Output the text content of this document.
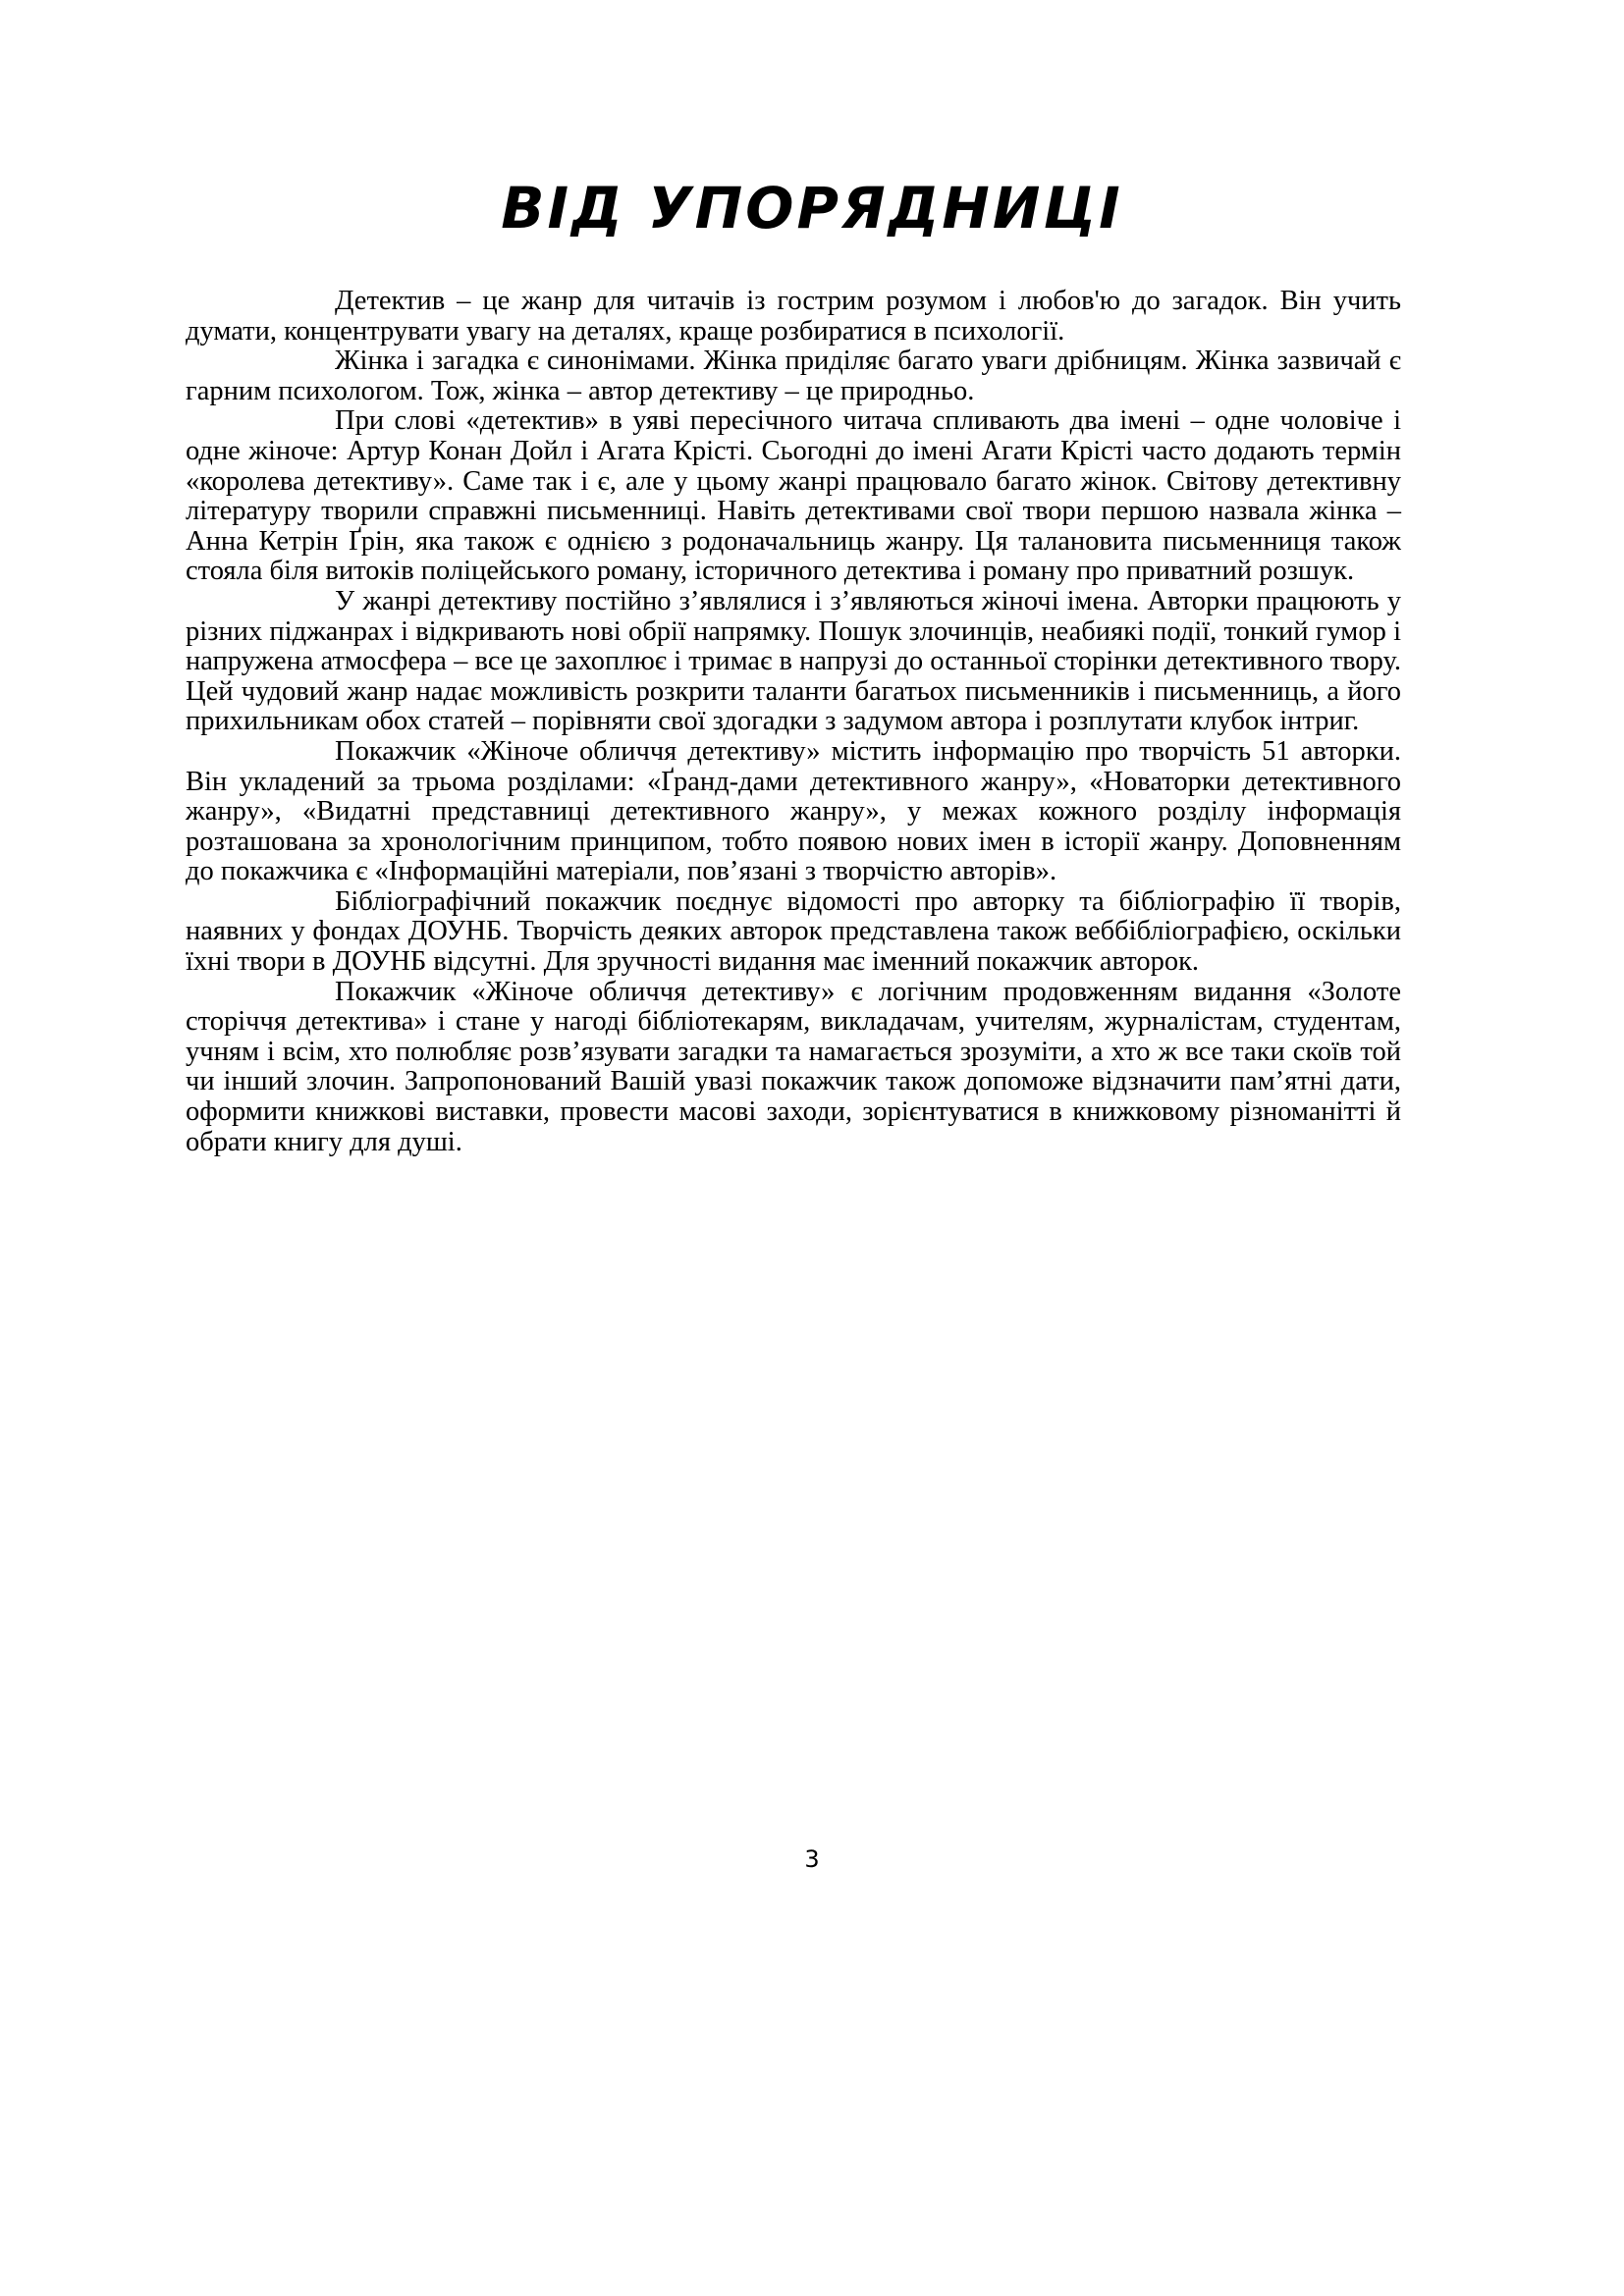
ВІД УПОРЯДНИЦІ

Детектив – це жанр для читачів із гострим розумом і любов'ю до загадок. Він учить думати, концентрувати увагу на деталях, краще розбиратися в психології.

Жінка і загадка є синонімами. Жінка приділяє багато уваги дрібницям. Жінка зазвичай є гарним психологом. Тож, жінка – автор детективу – це природньо.

При слові «детектив» в уяві пересічного читача спливають два імені – одне чоловіче і одне жіноче: Артур Конан Дойл і Агата Крісті. Сьогодні до імені Агати Крісті часто додають термін «королева детективу». Саме так і є, але у цьому жанрі працювало багато жінок. Світову детективну літературу творили справжні письменниці. Навіть детективами свої твори першою назвала жінка – Анна Кетрін Ґрін, яка також є однією з родоначальниць жанру. Ця талановита письменниця також стояла біля витоків поліцейського роману, історичного детектива і роману про приватний розшук.

У жанрі детективу постійно з’являлися і з’являються жіночі імена. Авторки працюють у різних піджанрах і відкривають нові обрії напрямку. Пошук злочинців, неабиякі події, тонкий гумор і напружена атмосфера – все це захоплює і тримає в напрузі до останньої сторінки детективного твору. Цей чудовий жанр надає можливість розкрити таланти багатьох письменників і письменниць, а його прихильникам обох статей – порівняти свої здогадки з задумом автора і розплутати клубок інтриг.

Покажчик «Жіноче обличчя детективу» містить інформацію про творчість 51 авторки. Він укладений за трьома розділами: «Ґранд-дами детективного жанру», «Новаторки детективного жанру», «Видатні представниці детективного жанру», у межах кожного розділу інформація розташована за хронологічним принципом, тобто появою нових імен в історії жанру. Доповненням до покажчика є «Інформаційні матеріали, пов’язані з творчістю авторів».

Бібліографічний покажчик поєднує відомості про авторку та бібліографію її творів, наявних у фондах ДОУНБ. Творчість деяких авторок представлена також веббібліографією, оскільки їхні твори в ДОУНБ відсутні. Для зручності видання має іменний покажчик авторок.

Покажчик «Жіноче обличчя детективу» є логічним продовженням видання «Золоте сторіччя детектива» і стане у нагоді бібліотекарям, викладачам, учителям, журналістам, студентам, учням і всім, хто полюбляє розв’язувати загадки та намагається зрозуміти, а хто ж все таки скоїв той чи інший злочин. Запропонований Вашій увазі покажчик також допоможе відзначити пам’ятні дати, оформити книжкові виставки, провести масові заходи, зорієнтуватися в книжковому різноманітті й обрати книгу для душі.

3
